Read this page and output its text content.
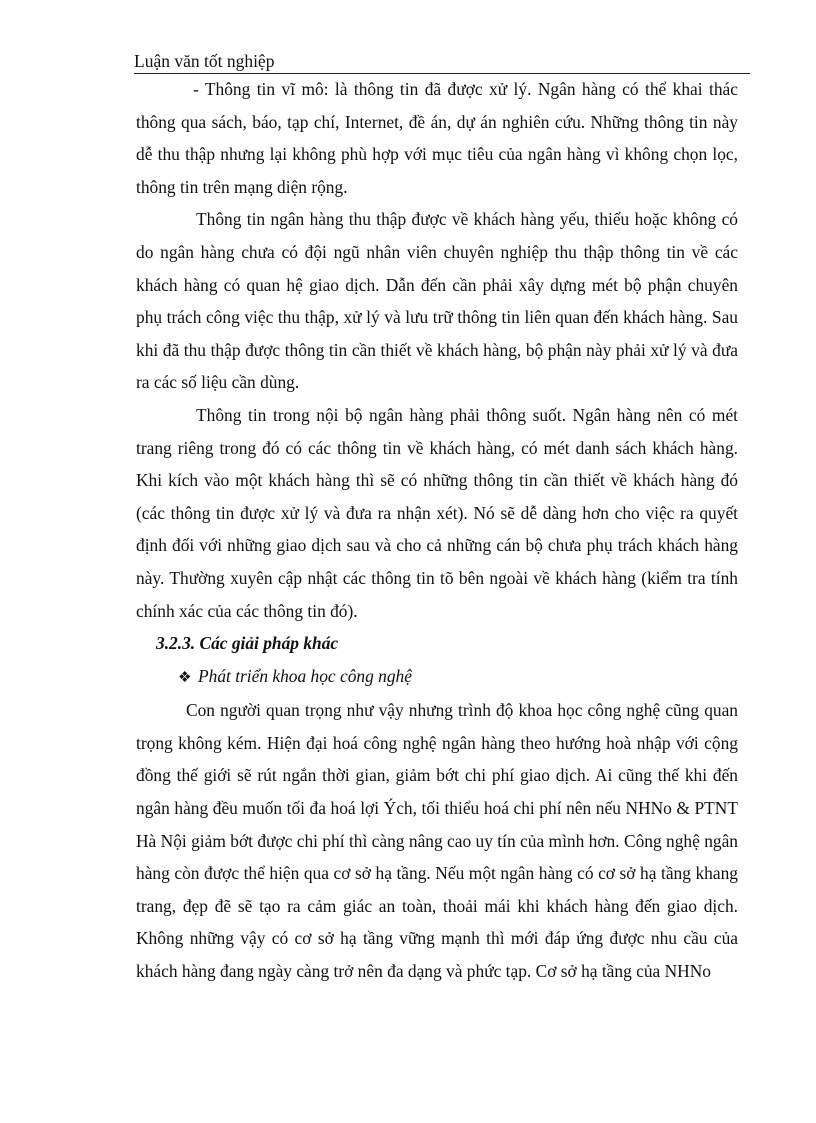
Luận văn tốt nghiệp

- Thông tin vĩ mô: là thông tin đã được xử lý. Ngân hàng có thể khai thác thông qua sách, báo, tạp chí, Internet, đề án, dự án nghiên cứu. Những thông tin này dễ thu thập nhưng lại không phù hợp với mục tiêu của ngân hàng vì không chọn lọc, thông tin trên mạng diện rộng.

Thông tin ngân hàng thu thập được về khách hàng yếu, thiếu hoặc không có do ngân hàng chưa có đội ngũ nhân viên chuyên nghiệp thu thập thông tin về các khách hàng có quan hệ giao dịch. Dẫn đến cần phải xây dựng mét bộ phận chuyên phụ trách công việc thu thập, xử lý và lưu trữ thông tin liên quan đến khách hàng. Sau khi đã thu thập được thông tin cần thiết về khách hàng, bộ phận này phải xử lý và đưa ra các số liệu cần dùng.

Thông tin trong nội bộ ngân hàng phải thông suốt. Ngân hàng nên có mét trang riêng trong đó có các thông tin về khách hàng, có mét danh sách khách hàng. Khi kích vào một khách hàng thì sẽ có những thông tin cần thiết về khách hàng đó (các thông tin được xử lý và đưa ra nhận xét). Nó sẽ dễ dàng hơn cho việc ra quyết định đối với những giao dịch sau và cho cả những cán bộ chưa phụ trách khách hàng này. Thường xuyên cập nhật các thông tin tõ bên ngoài về khách hàng (kiểm tra tính chính xác của các thông tin đó).

3.2.3. Các giải pháp khác

❖ Phát triển khoa học công nghệ

Con người quan trọng như vậy nhưng trình độ khoa học công nghệ cũng quan trọng không kém. Hiện đại hoá công nghệ ngân hàng theo hướng hoà nhập với cộng đồng thế giới sẽ rút ngắn thời gian, giảm bớt chi phí giao dịch. Ai cũng thế khi đến ngân hàng đều muốn tối đa hoá lợi Ých, tối thiểu hoá chi phí nên nếu NHNo & PTNT Hà Nội giảm bớt được chi phí thì càng nâng cao uy tín của mình hơn. Công nghệ ngân hàng còn được thể hiện qua cơ sở hạ tầng. Nếu một ngân hàng có cơ sở hạ tầng khang trang, đẹp đẽ sẽ tạo ra cảm giác an toàn, thoải mái khi khách hàng đến giao dịch. Không những vậy có cơ sở hạ tầng vững mạnh thì mới đáp ứng được nhu cầu của khách hàng đang ngày càng trở nên đa dạng và phức tạp. Cơ sở hạ tầng của NHNo
